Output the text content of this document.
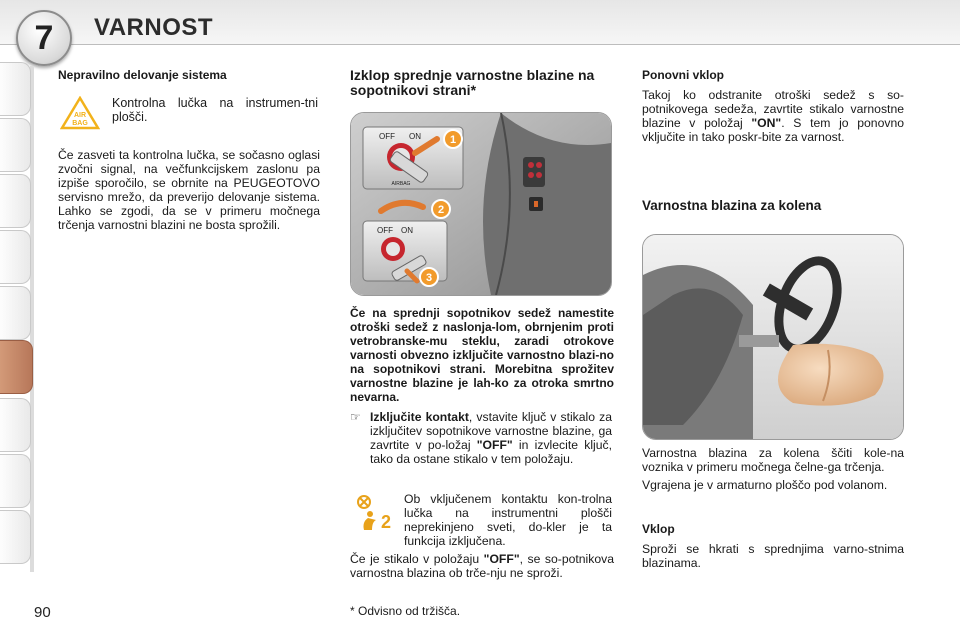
7 VARNOST
90

Nepravilno delovanje sistema

AIR
BAG

Kontrolna lučka na instrumen-tni plošči.

Če zasveti ta kontrolna lučka, se sočasno oglasi zvočni signal, na večfunkcijskem zaslonu pa izpiše sporočilo, se obrnite na PEUGEOTOVO servisno mrežo, da preverijo delovanje sistema. Lahko se zgodi, da se v primeru močnega trčenja varnostni blazini ne bosta sprožili.

Izklop sprednje varnostne blazine na sopotnikovi strani*

OFF ON
AIRBAG
1
2
OFF ON
3

Če na sprednji sopotnikov sedež namestite otroški sedež z naslonja-lom, obrnjenim proti vetrobranske-mu steklu, zaradi otrokove varnosti obvezno izključite varnostno blazi-no na sopotnikovi strani. Morebitna sprožitev varnostne blazine je lah-ko za otroka smrtno nevarna.

☞ Izključite kontakt, vstavite ključ v stikalo za izključitev sopotnikove varnostne blazine, ga zavrtite v po-ložaj "OFF" in izvlecite ključ, tako da ostane stikalo v tem položaju.

2

Ob vključenem kontaktu kon-trolna lučka na instrumentni plošči neprekinjeno sveti, do-kler je ta funkcija izključena.

Če je stikalo v položaju "OFF", se so-potnikova varnostna blazina ob trče-nju ne sproži.

* Odvisno od tržišča.

Ponovni vklop

Takoj ko odstranite otroški sedež s so-potnikovega sedeža, zavrtite stikalo varnostne blazine v položaj "ON". S tem jo ponovno vključite in tako poskr-bite za varnost.

Varnostna blazina za kolena

Varnostna blazina za kolena ščiti kole-na voznika v primeru močnega čelne-ga trčenja.

Vgrajena je v armaturno ploščo pod volanom.

Vklop

Sproži se hkrati s sprednjima varno-stnima blazinama.
